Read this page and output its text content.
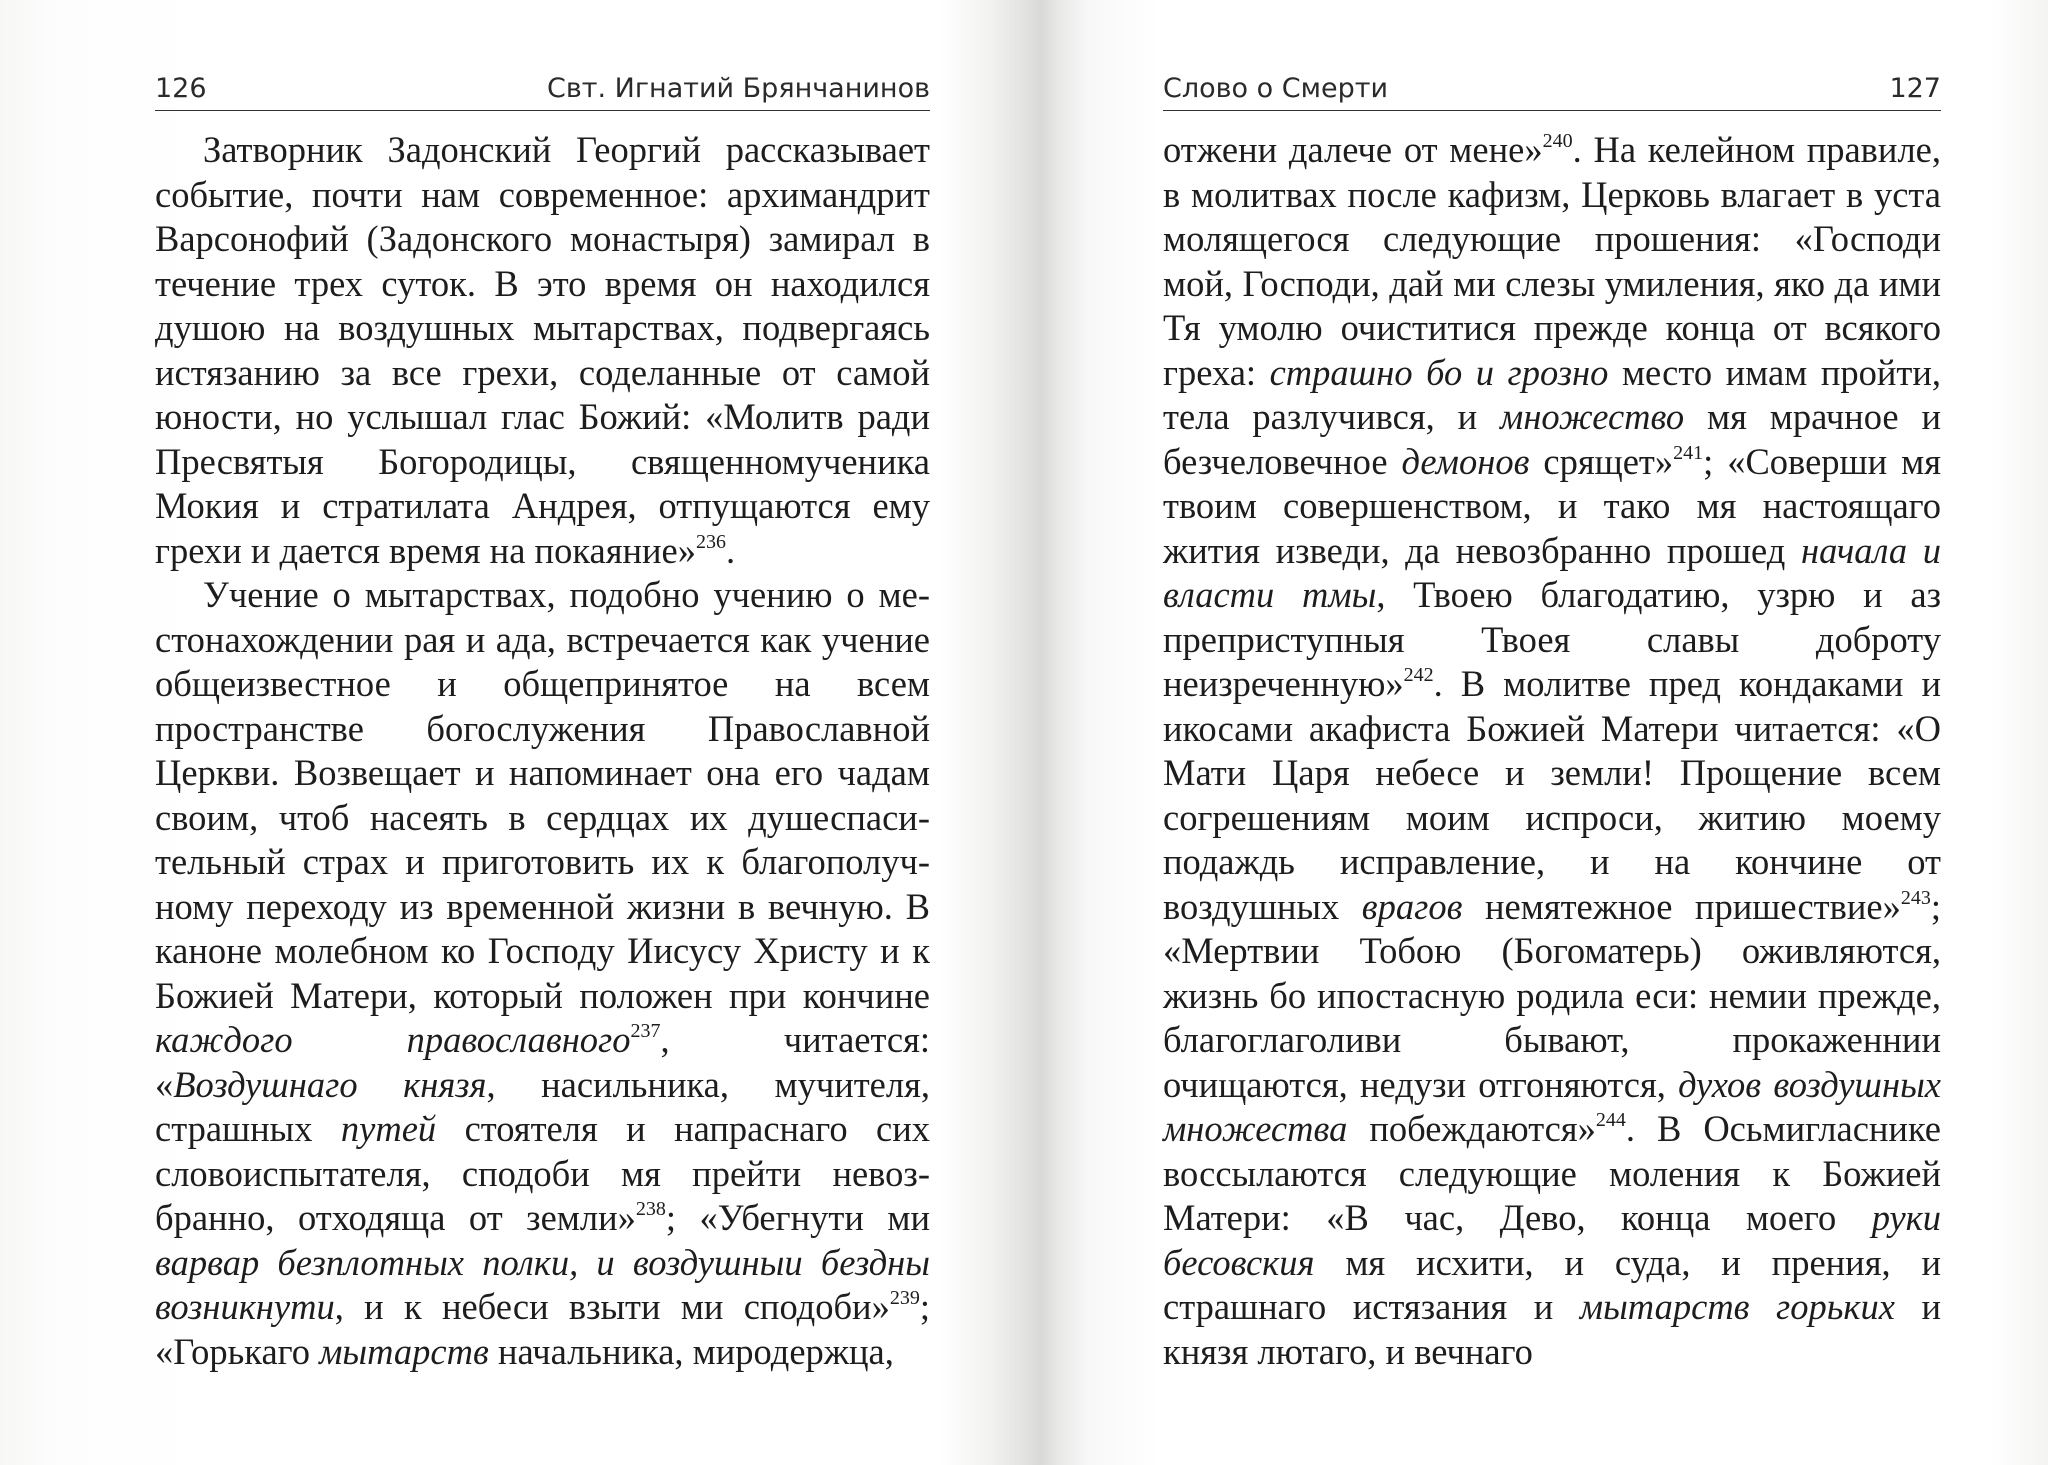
126	Свт. Игнатий Брянчанинов

Затворник Задонский Георгий рассказывает событие, почти нам современное: архимандрит Варсонофий (Задонского монастыря) замирал в течение трех суток. В это время он находился душою на воздушных мытарствах, подвергаясь истязанию за все грехи, соделанные от самой юности, но услышал глас Божий: «Молитв ради Пресвятыя Богородицы, священномученика Мокия и стратилата Андрея, отпущаются ему грехи и дается время на покаяние»$^{236}$.

Учение о мытарствах, подобно учению о местонахождении рая и ада, встречается как учение общеизвестное и общепринятое на всем пространстве богослужения Православной Церкви. Возвещает и напоминает она его чадам своим, чтоб насеять в сердцах их душеспасительный страх и приготовить их к благополучному переходу из временной жизни в вечную. В каноне молебном ко Господу Иисусу Христу и к Божией Матери, который положен при кончине каждого православного$^{237}$, читается: «Воздушнаго князя, насильника, мучителя, страшных путей стоятеля и напраснаго сих словоиспытателя, сподоби мя прейти невозбранно, отходяща от земли»$^{238}$; «Убегнути ми варвар безплотных полки, и воздушныи бездны возникнути, и к небеси взыти ми сподоби»$^{239}$; «Горькаго мытарств начальника, миродержца,

Слово о Смерти	127

отжени далече от мене»$^{240}$. На келейном правиле, в молитвах после кафизм, Церковь влагает в уста молящегося следующие прошения: «Господи мой, Господи, дай ми слезы умиления, яко да ими Тя умолю очиститися прежде конца от всякого греха: страшно бо и грозно место имам пройти, тела разлучився, и множество мя мрачное и безчеловечное демонов срящет»$^{241}$; «Соверши мя твоим совершенством, и тако мя настоящаго жития изведи, да невозбранно прошед начала и власти тмы, Твоею благодатию, узрю и аз преприступныя Твоея славы доброту неизреченную»$^{242}$. В молитве пред кондаками и икосами акафиста Божией Матери читается: «О Мати Царя небесе и земли! Прощение всем согрешениям моим испроси, житию моему подаждь исправление, и на кончине от воздушных врагов немятежное пришествие»$^{243}$; «Мертвии Тобою (Богоматерь) оживляются, жизнь бо ипостасную родила еси: немии прежде, благоглаголиви бывают, прокаженнии очищаются, недузи отгоняются, духов воздушных множества побеждаются»$^{244}$. В Осьмигласнике воссылаются следующие моления к Божией Матери: «В час, Дево, конца моего руки бесовския мя исхити, и суда, и прения, и страшнаго истязания и мытарств горьких и князя лютаго, и вечнаго
